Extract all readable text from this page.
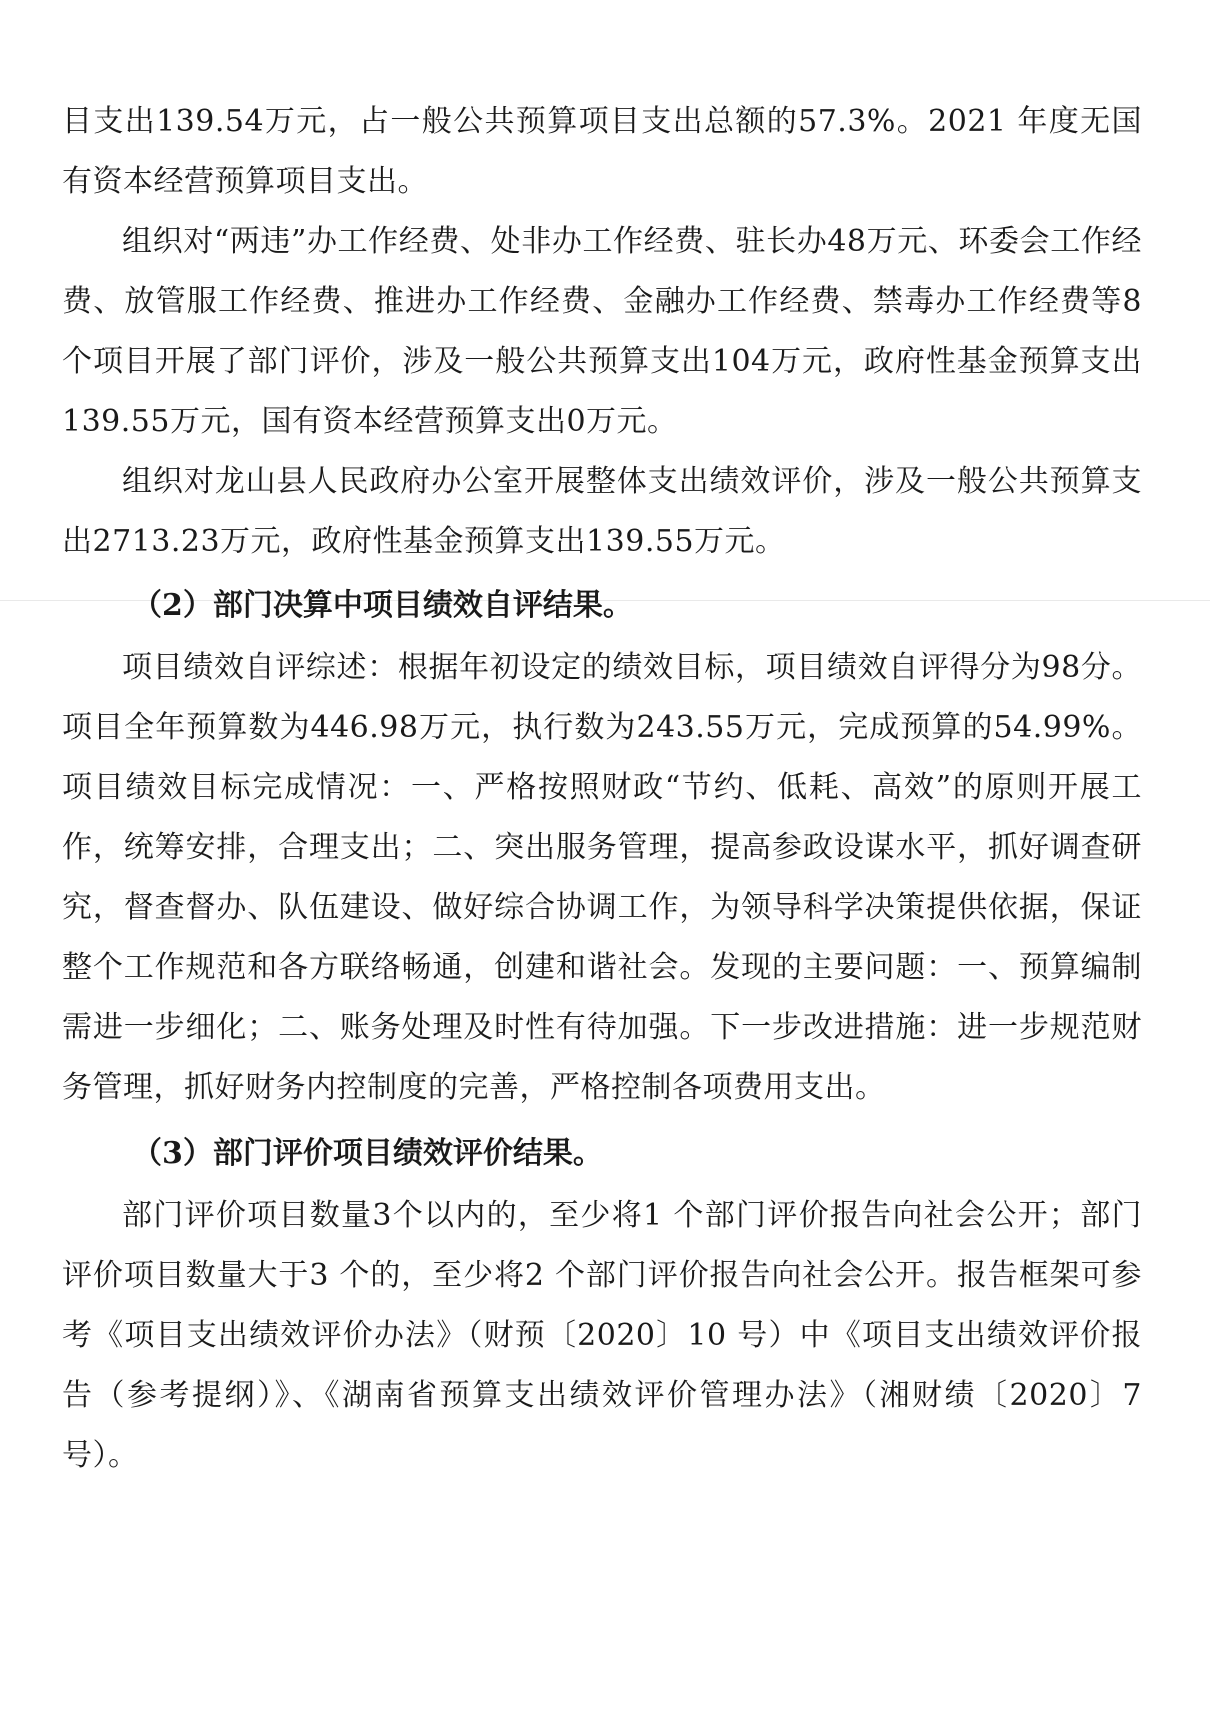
目支出139.54万元，占一般公共预算项目支出总额的57.3%。2021 年度无国有资本经营预算项目支出。

组织对“两违”办工作经费、处非办工作经费、驻长办48万元、环委会工作经费、放管服工作经费、推进办工作经费、金融办工作经费、禁毒办工作经费等8个项目开展了部门评价，涉及一般公共预算支出104万元，政府性基金预算支出139.55万元，国有资本经营预算支出0万元。

组织对龙山县人民政府办公室开展整体支出绩效评价，涉及一般公共预算支出2713.23万元，政府性基金预算支出139.55万元。

（2）部门决算中项目绩效自评结果。

项目绩效自评综述：根据年初设定的绩效目标，项目绩效自评得分为98分。项目全年预算数为446.98万元，执行数为243.55万元，完成预算的54.99%。项目绩效目标完成情况：一、严格按照财政“节约、低耗、高效”的原则开展工作，统筹安排，合理支出；二、突出服务管理，提高参政设谋水平，抓好调查研究，督查督办、队伍建设、做好综合协调工作，为领导科学决策提供依据，保证整个工作规范和各方联络畅通，创建和谐社会。发现的主要问题：一、预算编制需进一步细化；二、账务处理及时性有待加强。下一步改进措施：进一步规范财务管理，抓好财务内控制度的完善，严格控制各项费用支出。

（3）部门评价项目绩效评价结果。

部门评价项目数量3个以内的，至少将1 个部门评价报告向社会公开；部门评价项目数量大于3 个的，至少将2 个部门评价报告向社会公开。报告框架可参考《项目支出绩效评价办法》（财预〔2020〕10 号）中《项目支出绩效评价报告（参考提纲）》、《湖南省预算支出绩效评价管理办法》（湘财绩〔2020〕7号）。
